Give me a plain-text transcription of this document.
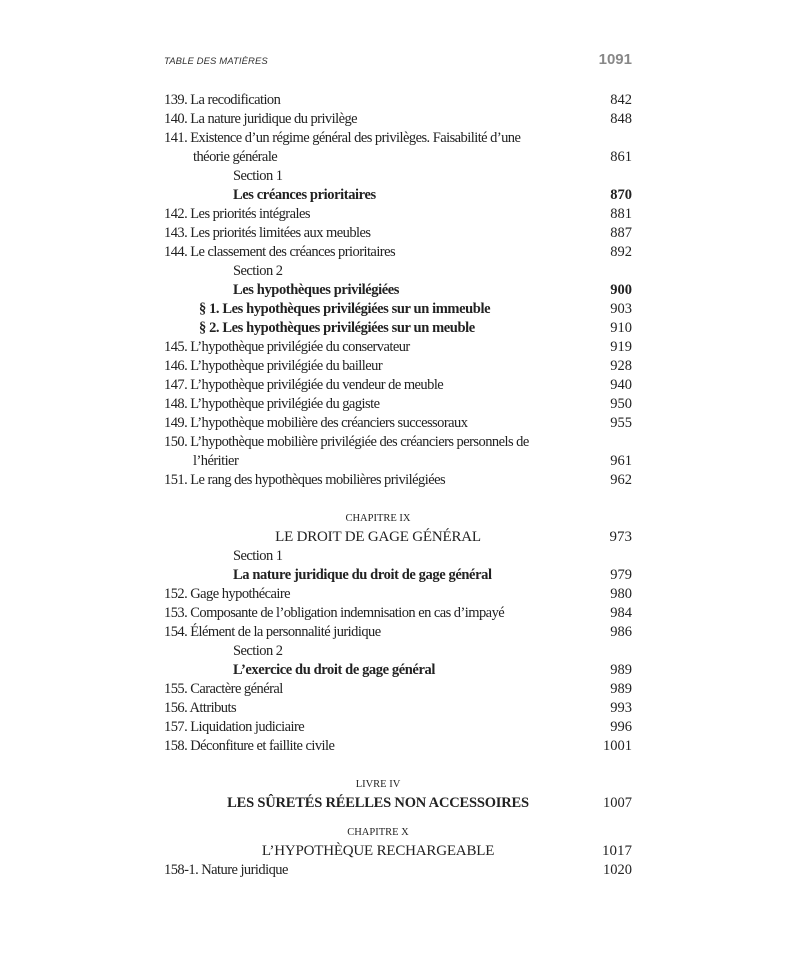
TABLE DES MATIÈRES	1091
139. La recodification	842
140. La nature juridique du privilège	848
141. Existence d’un régime général des privilèges. Faisabilité d’une
théorie générale	861
Section 1
Les créances prioritaires	870
142. Les priorités intégrales	881
143. Les priorités limitées aux meubles	887
144. Le classement des créances prioritaires	892
Section 2
Les hypothèques privilégiées	900
§ 1. Les hypothèques privilégiées sur un immeuble	903
§ 2. Les hypothèques privilégiées sur un meuble	910
145. L’hypothèque privilégiée du conservateur	919
146. L’hypothèque privilégiée du bailleur	928
147. L’hypothèque privilégiée du vendeur de meuble	940
148. L’hypothèque privilégiée du gagiste	950
149. L’hypothèque mobilière des créanciers successoraux	955
150. L’hypothèque mobilière privilégiée des créanciers personnels de
l’héritier	961
151. Le rang des hypothèques mobilières privilégiées	962
CHAPITRE IX
LE DROIT DE GAGE GÉNÉRAL	973
Section 1
La nature juridique du droit de gage général	979
152. Gage hypothécaire	980
153. Composante de l’obligation indemnisation en cas d’impayé	984
154. Élément de la personnalité juridique	986
Section 2
L’exercice du droit de gage général	989
155. Caractère général	989
156. Attributs	993
157. Liquidation judiciaire	996
158. Déconfiture et faillite civile	1001
LIVRE IV
LES SÛRETÉS RÉELLES NON ACCESSOIRES	1007
CHAPITRE X
L’HYPOTHÈQUE RECHARGEABLE	1017
158-1. Nature juridique	1020
